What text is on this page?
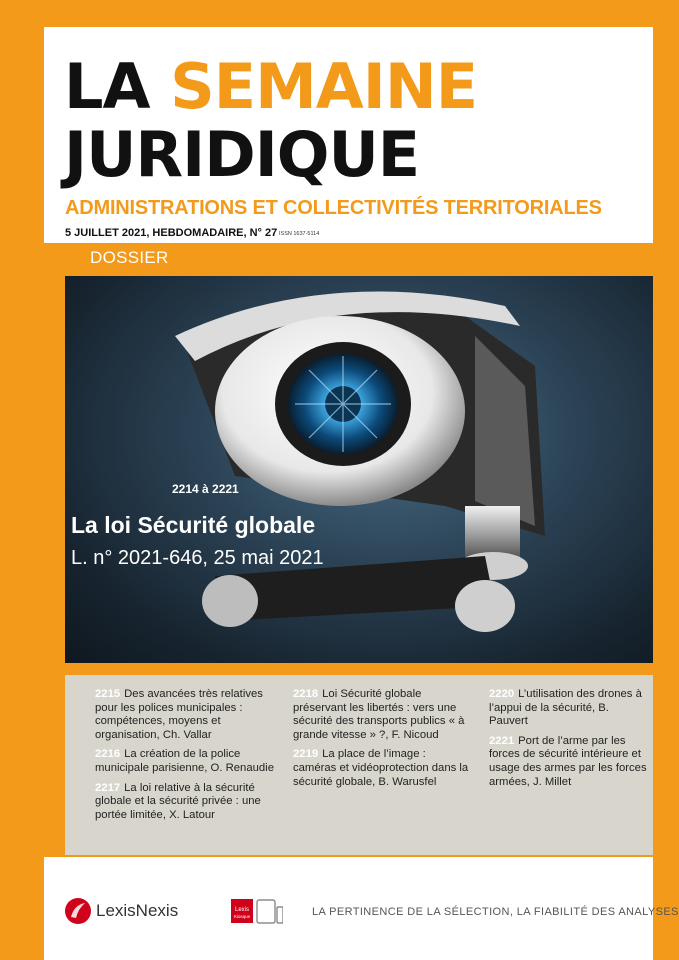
LA SEMAINE
JURIDIQUE
ADMINISTRATIONS ET COLLECTIVITÉS TERRITORIALES
5 JUILLET 2021, HEBDOMADAIRE, N° 27 ISSN 1637-5114
DOSSIER
2214 à 2221
La loi Sécurité globale
L. n° 2021-646, 25 mai 2021

2215 Des avancées très relatives pour les polices municipales : compétences, moyens et organisation, Ch. Vallar

2216 La création de la police municipale parisienne, O. Renaudie

2217 La loi relative à la sécurité globale et la sécurité privée : une portée limitée, X. Latour

2218 Loi Sécurité globale préservant les libertés : vers une sécurité des transports publics « à grande vitesse » ?, F. Nicoud

2219 La place de l’image : caméras et vidéoprotection dans la sécurité globale, B. Warusfel

2220 L’utilisation des drones à l’appui de la sécurité, B. Pauvert

2221 Port de l’arme par les forces de sécurité intérieure et usage des armes par les forces armées, J. Millet

LexisNexis	Lexis
Kiosque	LA PERTINENCE DE LA SÉLECTION, LA FIABILITÉ DES ANALYSES
